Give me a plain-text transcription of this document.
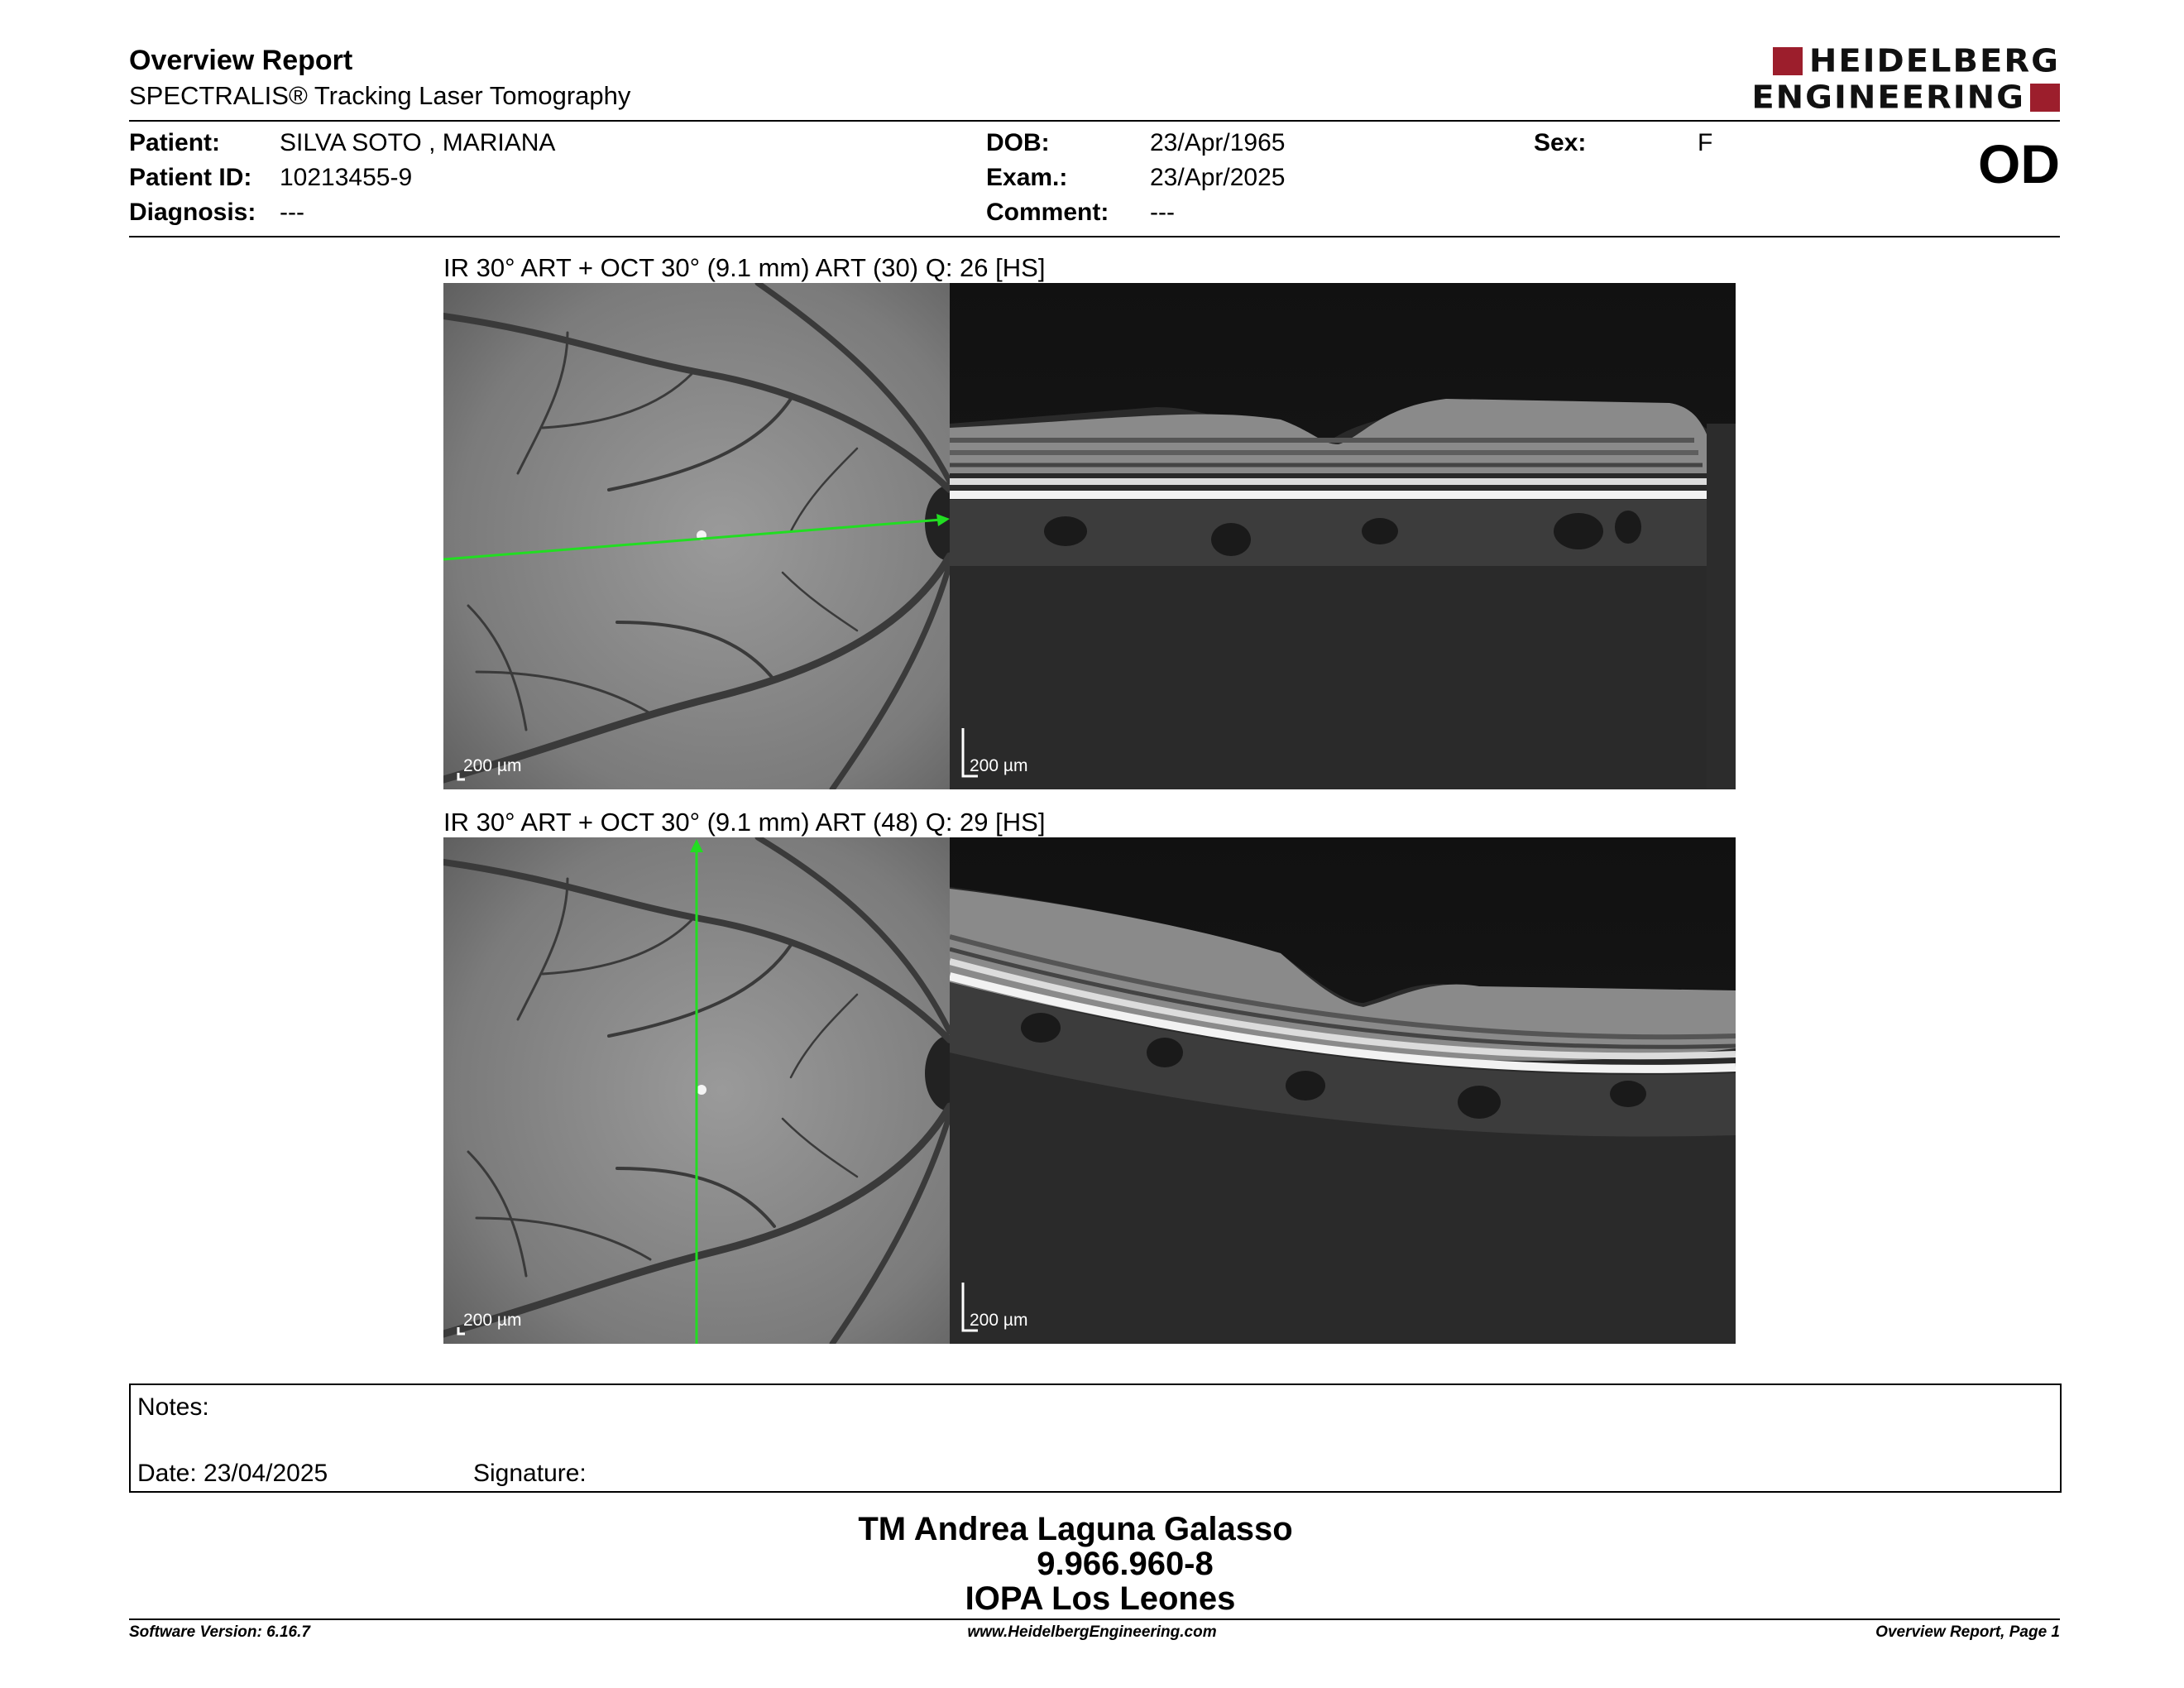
Overview Report
SPECTRALIS® Tracking Laser Tomography
HEIDELBERG
ENGINEERING
Patient: SILVA SOTO , MARIANA
Patient ID: 10213455-9
Diagnosis: ---
DOB:	23/Apr/1965
Exam.:	23/Apr/2025
Comment: ---
Sex:	F	OD
IR 30° ART + OCT 30° (9.1 mm) ART (30) Q: 26 [HS]
200 µm	200 µm
IR 30° ART + OCT 30° (9.1 mm) ART (48) Q: 29 [HS]
200 µm	200 µm
Notes:
Date: 23/04/2025	Signature:
TM Andrea Laguna Galasso
9.966.960-8
IOPA Los Leones
Software Version: 6.16.7	www.HeidelbergEngineering.com	Overview Report, Page 1
